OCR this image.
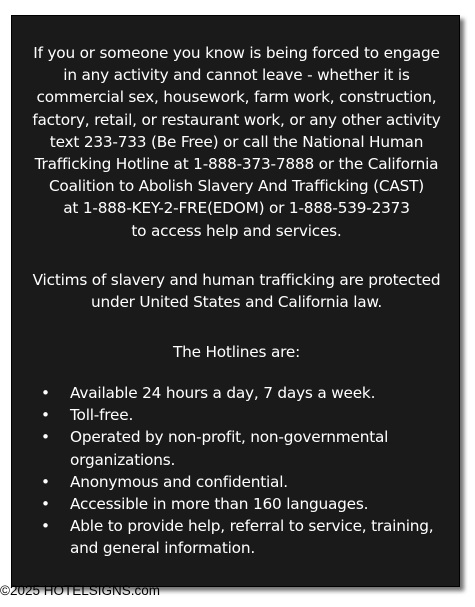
If you or someone you know is being forced to engage
in any activity and cannot leave - whether it is
commercial sex, housework, farm work, construction,
factory, retail, or restaurant work, or any other activity
text 233-733 (Be Free) or call the National Human
Trafficking Hotline at 1-888-373-7888 or the California
Coalition to Abolish Slavery And Trafficking (CAST)
at 1-888-KEY-2-FRE(EDOM) or 1-888-539-2373
to access help and services.

Victims of slavery and human trafficking are protected
under United States and California law.

The Hotlines are:

• Available 24 hours a day, 7 days a week.
• Toll-free.
• Operated by non-profit, non-governmental
organizations.
• Anonymous and confidential.
• Accessible in more than 160 languages.
• Able to provide help, referral to service, training,
and general information.
©2025 HOTELSIGNS.com
